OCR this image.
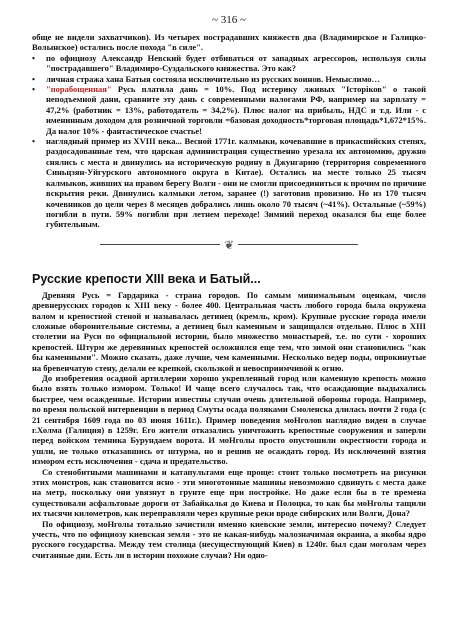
~ 316 ~

обще не видели захватчиков). Из четырех пострадавших княжеств два (Владимирское и Галицко-Волынское) остались после похода "в силе".

• по официозу Александр Невский будет отбиваться от западных агрессоров, используя силы "пострадавшего" Владимиро-Суздальского княжества. Это как?
• личная стража хана Батыя состояла исключительно из русских воинов. Немыслимо…
• "порабощенная" Русь платила дань = 10%. Под истерику лживых "Історіков" о такой неподъемной дани, сравните эту дань с современными налогами РФ, например на зарплату = 47,2% (работник = 13%, работодатель = 34,2%). Плюс налог на прибыль, НДС и т.д. Или - с именинным доходом для розничной торговли =базовая доходность*торговая площадь*1,672*15%. Да налог 10% - фантастическое счастье!
• наглядный пример из XVIII века... Весной 1771г. калмыки, кочевавшие в прикаспийских степях, раздосадованные тем, что царская администрация существенно урезала их автономию, дружно снялись с места и двинулись на историческую родину в Джунгарию (территория современного Синьцзян-Уйгурского автономного округа в Китае). Остались на месте только 25 тысяч калмыков, живших на правом берегу Волги - они не смогли присоединиться к прочим по причине вскрытия реки. Двинулись калмыки летом, заранее (!) заготовив провизию. Но из 170 тысяч кочевников до цели через 8 месяцев добрались лишь около 70 тысяч (~41%). Остальные (~59%) погибли в пути. 59% погибли при летнем переходе! Зимний переход оказался бы еще более губительным.
❦
Русские крепости XIII века и Батый...

Древняя Русь = Гардарика - страна городов. По самым минимальным оценкам, число древнерусских городов к XIII веку - более 400. Центральная часть любого города была окружена валом и крепостной стеной и называлась детинец (кремль, кром). Крупные русские города имели сложные оборонительные системы, а детинец был каменным и защищался отдельно. Плюс в XIII столетии на Руси по официальной истории, было множество монастырей, т.е. по сути - хороших крепостей. Штурм же деревянных крепостей осложнялся еще тем, что зимой они становились "как бы каменными". Можно сказать, даже лучше, чем каменными. Несколько ведер воды, опрокинутые на бревенчатую стену, делали ее крепкой, скользкой и невосприимчивой к огню.

До изобретения осадной артиллерии хорошо укрепленный город или каменную крепость можно было взять только измором. Только! И чаще всего случалось так, что осаждающие выдыхались быстрее, чем осажденные. Истории известны случаи очень длительной обороны города. Например, во время польской интервенции в период Смуты осада поляками Смоленска длилась почти 2 года (с 21 сентября 1609 года по 03 июня 1611г.). Пример поведения моНголов наглядно виден в случае г.Холма (Галиция) в 1259г. Его жители отказались уничтожить крепостные сооружения и заперли перед войском темника Бурундаем ворота. И моНголы просто опустошили окрестности города и ушли, не только отказавшись от штурма, но и решив не осаждать город. Из исключений взятия измором есть исключения - сдача и предательство.

Со стенобитными машинами и катапультами еще проще: стоит только посмотреть на рисунки этих монстров, как становится ясно - эти многотонные машины невозможно сдвинуть с места даже на метр, поскольку они увязнут в грунте еще при постройке. Но даже если бы в те времена существовали асфальтовые дороги от Забайкалья до Киева и Полоцка, то как бы моНголы тащили их тысячи километров, как переправляли через крупные реки вроде сибирских или Волги, Дона?

По официозу, моНголы тотально зачистили именно киевские земли, интересно почему? Следует учесть, что по официозу киевская земля - это не какая-нибудь малозначимая окраина, а якобы ядро русского государства. Между тем столица (несуществующий Киев) в 1240г. был сдан моголам через считанные дни. Есть ли в истории похожие случаи? Ни одно-
